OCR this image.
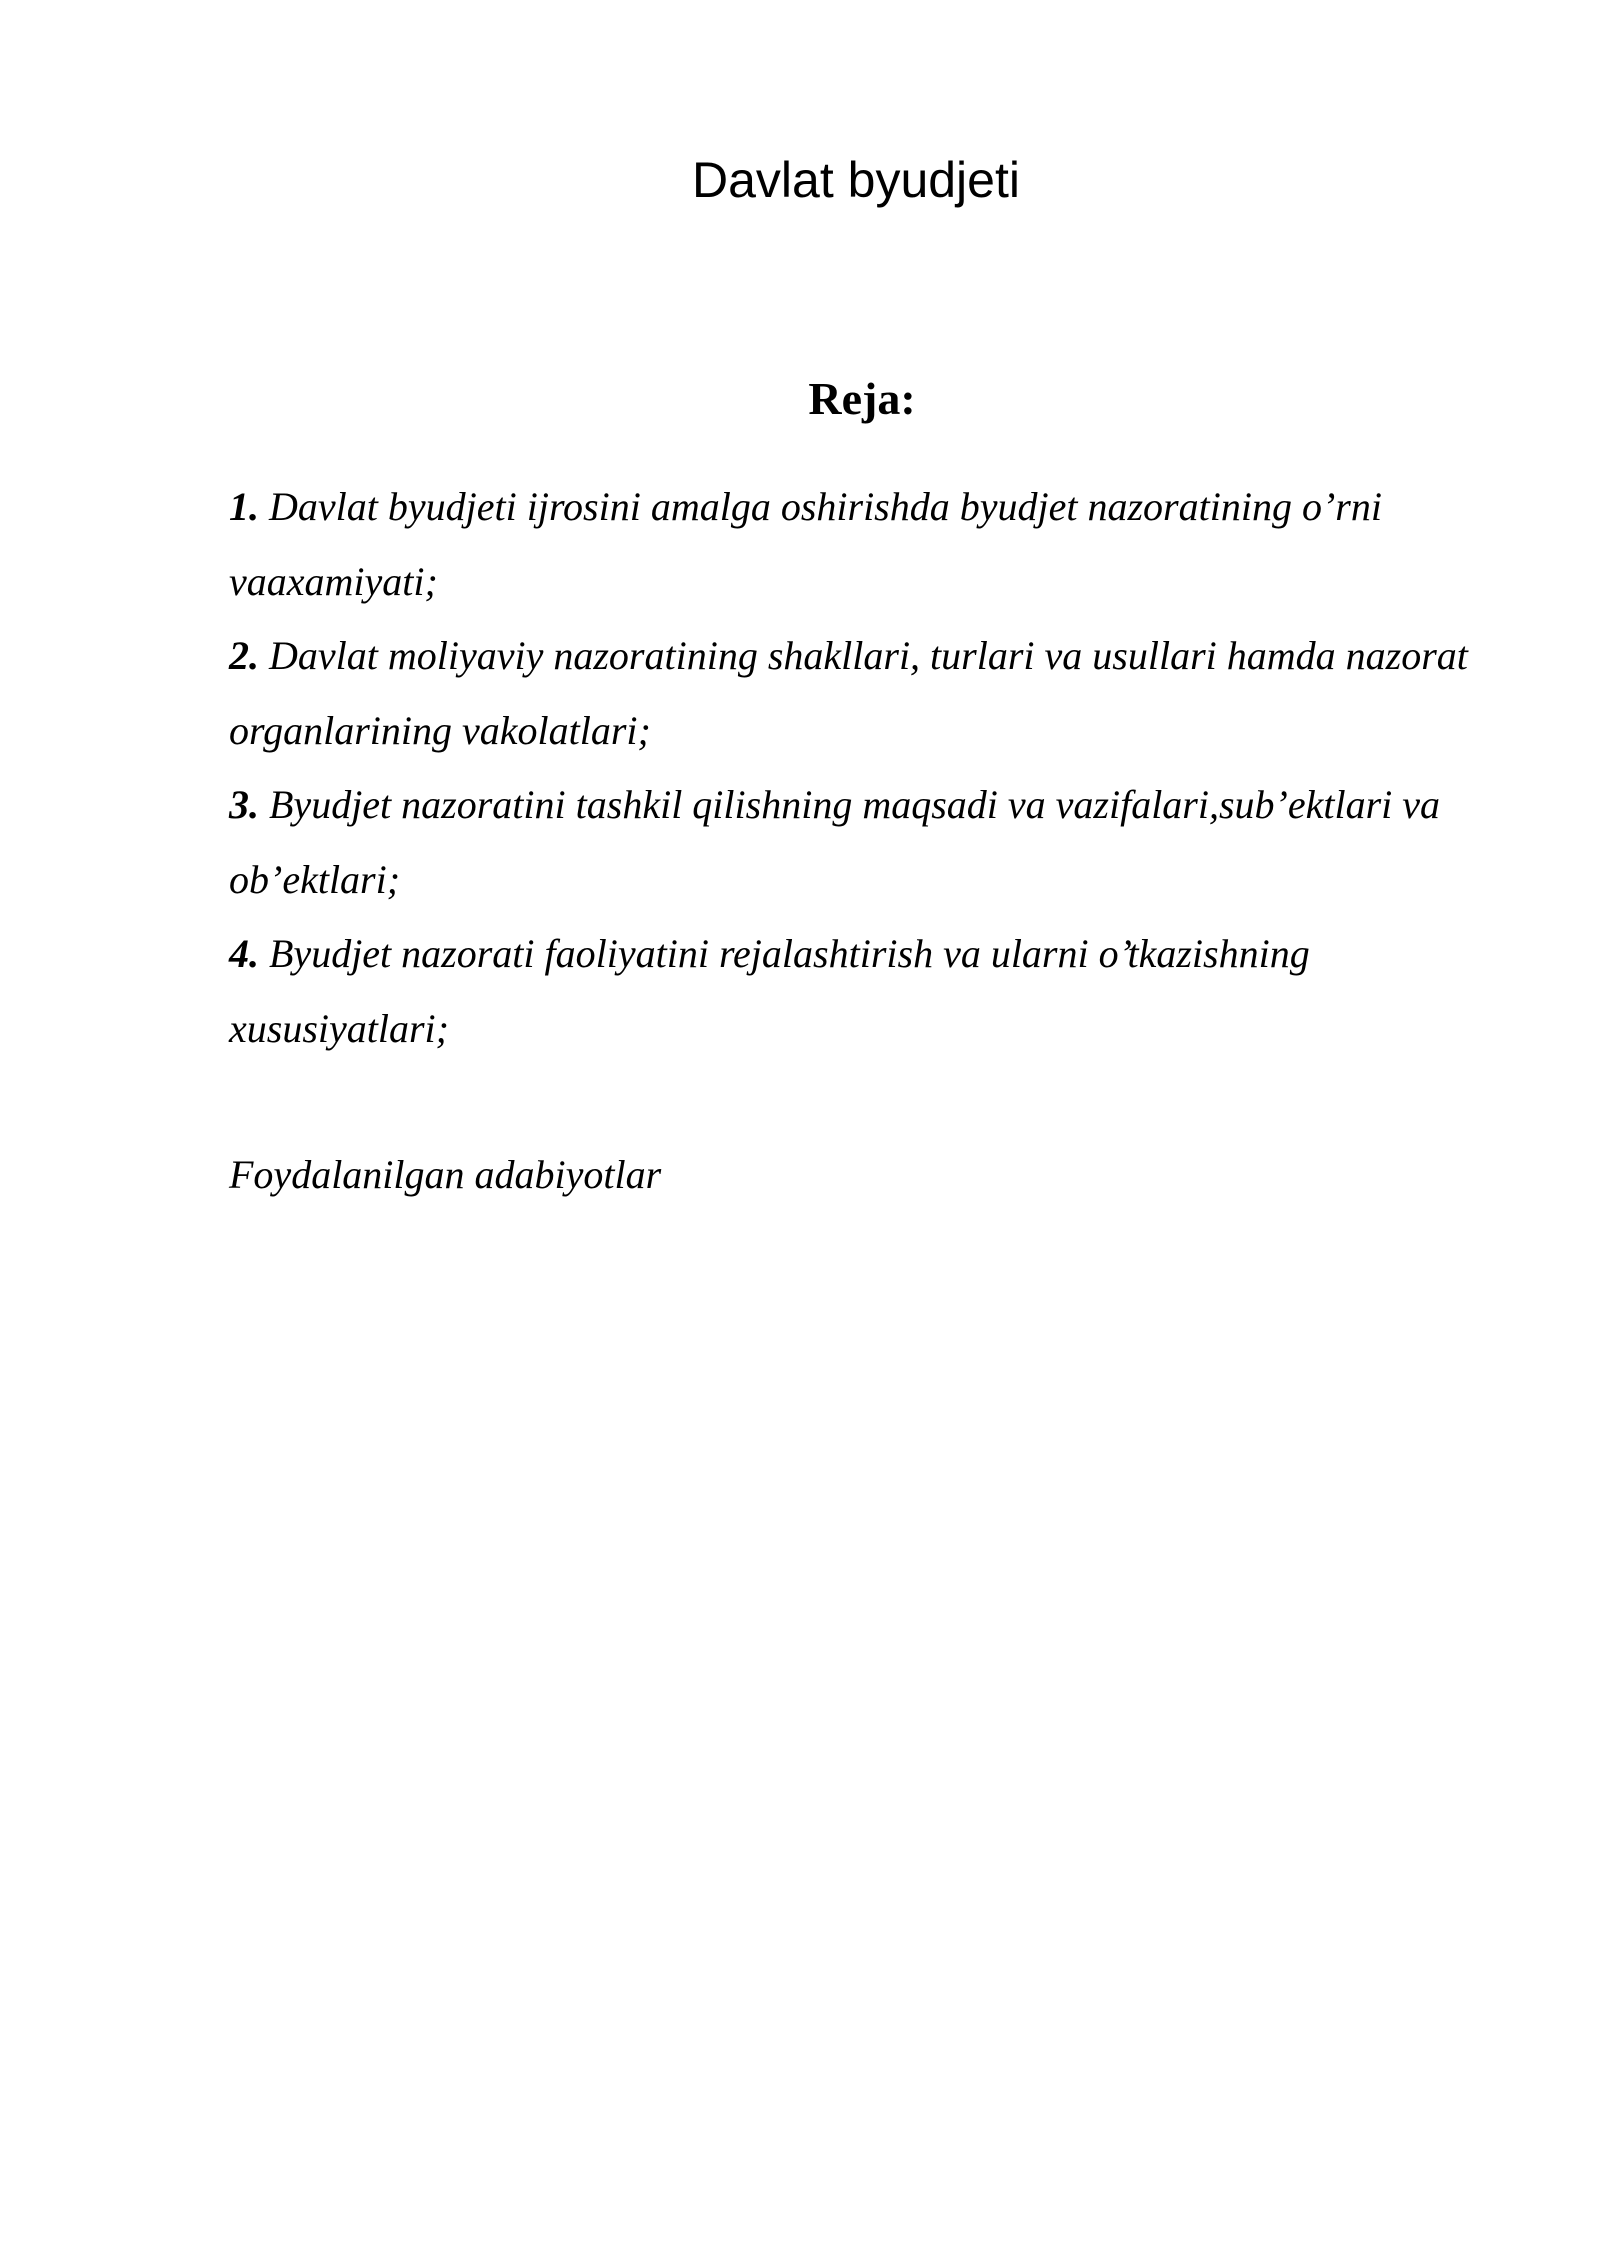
Davlat byudjeti
Reja:
1. Davlat byudjeti ijrosini amalga oshirishda byudjet nazoratining o’rni vaaxamiyati;
2. Davlat moliyaviy nazoratining shakllari, turlari va usullari hamda nazorat organlarining vakolatlari;
3. Byudjet nazoratini tashkil qilishning maqsadi va vazifalari,sub’ektlari va ob’ektlari;
4. Byudjet nazorati faoliyatini rejalashtirish va ularni o’tkazishning xususiyatlari;

Foydalanilgan adabiyotlar
